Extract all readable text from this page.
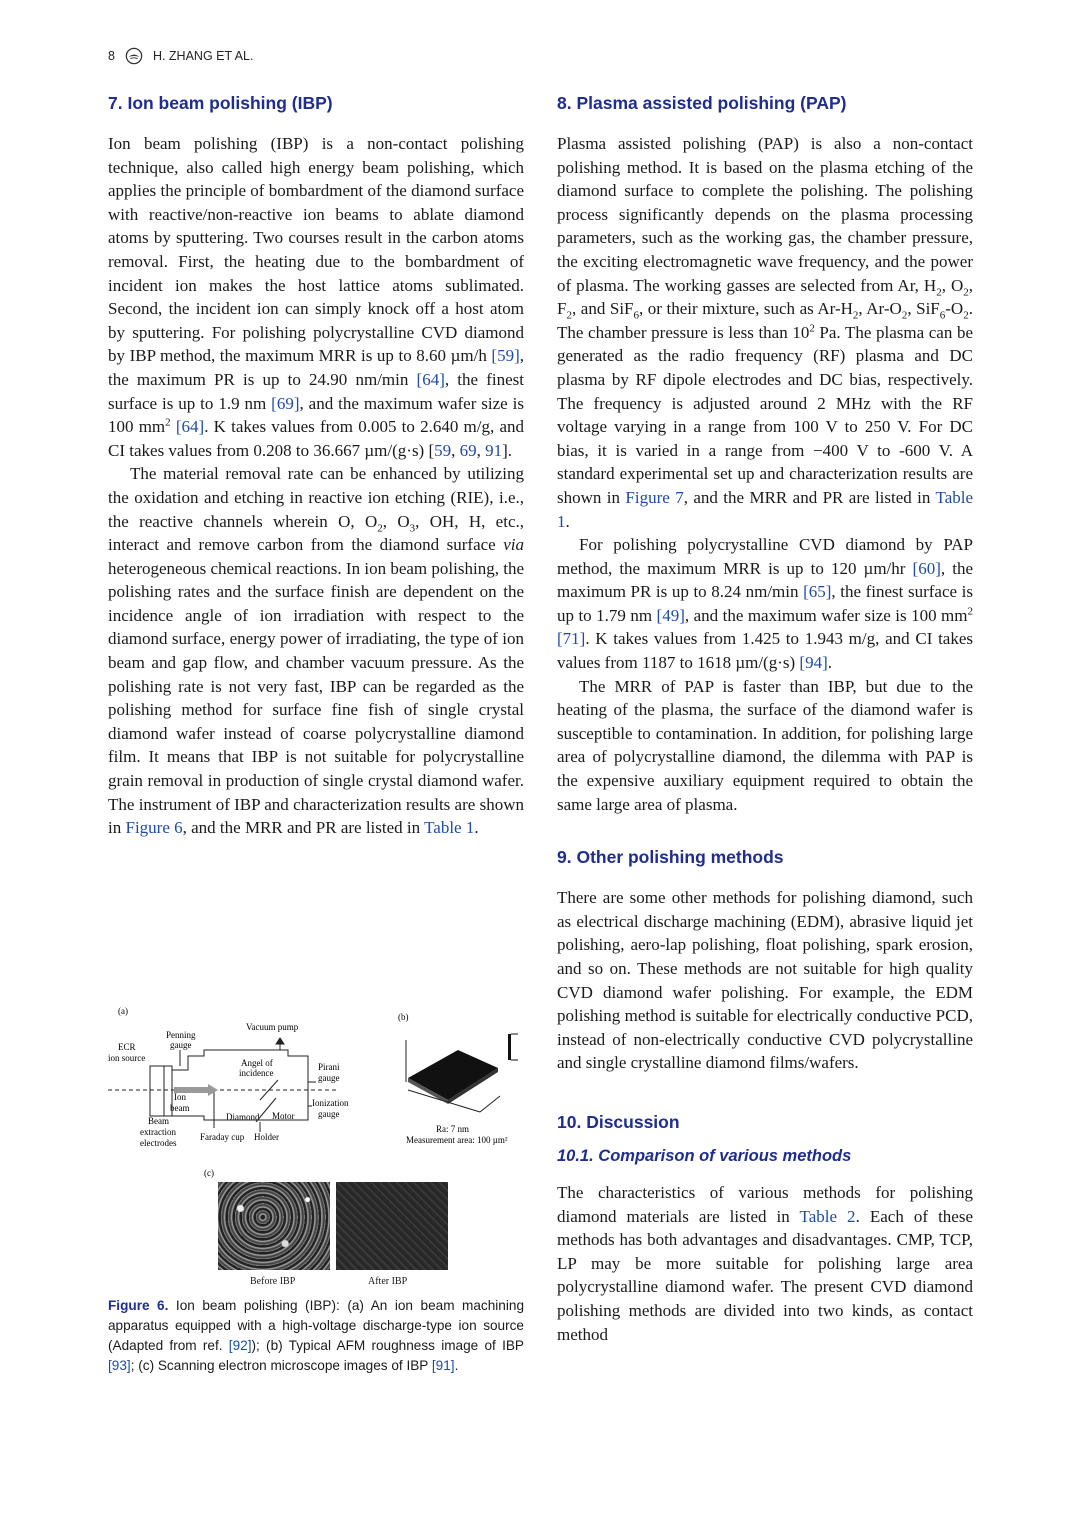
8	H. ZHANG ET AL.
7. Ion beam polishing (IBP)

Ion beam polishing (IBP) is a non-contact polishing technique, also called high energy beam polishing, which applies the principle of bombardment of the diamond surface with reactive/non-reactive ion beams to ablate diamond atoms by sputtering. Two courses result in the carbon atoms removal. First, the heating due to the bombardment of incident ion makes the host lattice atoms sublimated. Second, the incident ion can simply knock off a host atom by sputtering. For polishing polycrystalline CVD diamond by IBP method, the maximum MRR is up to 8.60 µm/h [59], the maximum PR is up to 24.90 nm/min [64], the finest surface is up to 1.9 nm [69], and the maximum wafer size is 100 $mm^2$ [64]. K takes values from 0.005 to 2.640 m/g, and CI takes values from 0.208 to 36.667 µm/(g·s) [59, 69, 91].

The material removal rate can be enhanced by utilizing the oxidation and etching in reactive ion etching (RIE), i.e., the reactive channels wherein O, $O_2$, $O_3$, OH, H, etc., interact and remove carbon from the diamond surface via heterogeneous chemical reactions. In ion beam polishing, the polishing rates and the surface finish are dependent on the incidence angle of ion irradiation with respect to the diamond surface, energy power of irradiating, the type of ion beam and gap flow, and chamber vacuum pressure. As the polishing rate is not very fast, IBP can be regarded as the polishing method for surface fine fish of single crystal diamond wafer instead of coarse polycrystalline diamond film. It means that IBP is not suitable for polycrystalline grain removal in production of single crystal diamond wafer. The instrument of IBP and characterization results are shown in Figure 6, and the MRR and PR are listed in Table 1.

(a)
(b)
Penning
gauge
Vacuum pump
ECR
ion source	Angel of
incidence
Pirani
gauge
Ion
beam	Ionization
gauge
Diamond Motor
Beam
extraction
electrodes
Faraday cup Holder
Ra: 7 nm
Measurement area: 100 µm²
(c)
Before IBP	After IBP
Figure 6. Ion beam polishing (IBP): (a) An ion beam machining apparatus equipped with a high-voltage discharge-type ion source (Adapted from ref. [92]); (b) Typical AFM roughness image of IBP [93]; (c) Scanning electron microscope images of IBP [91].
8. Plasma assisted polishing (PAP)

Plasma assisted polishing (PAP) is also a non-contact polishing method. It is based on the plasma etching of the diamond surface to complete the polishing. The polishing process significantly depends on the plasma processing parameters, such as the working gas, the chamber pressure, the exciting electromagnetic wave frequency, and the power of plasma. The working gasses are selected from Ar, $H_2$, $O_2$, $F_2$, and SiF$_6$, or their mixture, such as $Ar-H_2$, $Ar-O_2$, $SiF_6-O_2$. The chamber pressure is less than $10^2$ Pa. The plasma can be generated as the radio frequency (RF) plasma and DC plasma by RF dipole electrodes and DC bias, respectively. The frequency is adjusted around 2 MHz with the RF voltage varying in a range from 100 V to 250 V. For DC bias, it is varied in a range from −400 V to -600 V. A standard experimental set up and characterization results are shown in Figure 7, and the MRR and PR are listed in Table 1.

For polishing polycrystalline CVD diamond by PAP method, the maximum MRR is up to 120 µm/hr [60], the maximum PR is up to 8.24 nm/min [65], the finest surface is up to 1.79 nm [49], and the maximum wafer size is 100 $mm^2$ [71]. K takes values from 1.425 to 1.943 m/g, and CI takes values from 1187 to 1618 µm/(g·s) [94].

The MRR of PAP is faster than IBP, but due to the heating of the plasma, the surface of the diamond wafer is susceptible to contamination. In addition, for polishing large area of polycrystalline diamond, the dilemma with PAP is the expensive auxiliary equipment required to obtain the same large area of plasma.

9. Other polishing methods

There are some other methods for polishing diamond, such as electrical discharge machining (EDM), abrasive liquid jet polishing, aero-lap polishing, float polishing, spark erosion, and so on. These methods are not suitable for high quality CVD diamond wafer polishing. For example, the EDM polishing method is suitable for electrically conductive PCD, instead of non-electrically conductive CVD polycrystalline and single crystalline diamond films/wafers.

10. Discussion
10.1. Comparison of various methods

The characteristics of various methods for polishing diamond materials are listed in Table 2. Each of these methods has both advantages and disadvantages. CMP, TCP, LP may be more suitable for polishing large area polycrystalline diamond wafer. The present CVD diamond polishing methods are divided into two kinds, as contact method
